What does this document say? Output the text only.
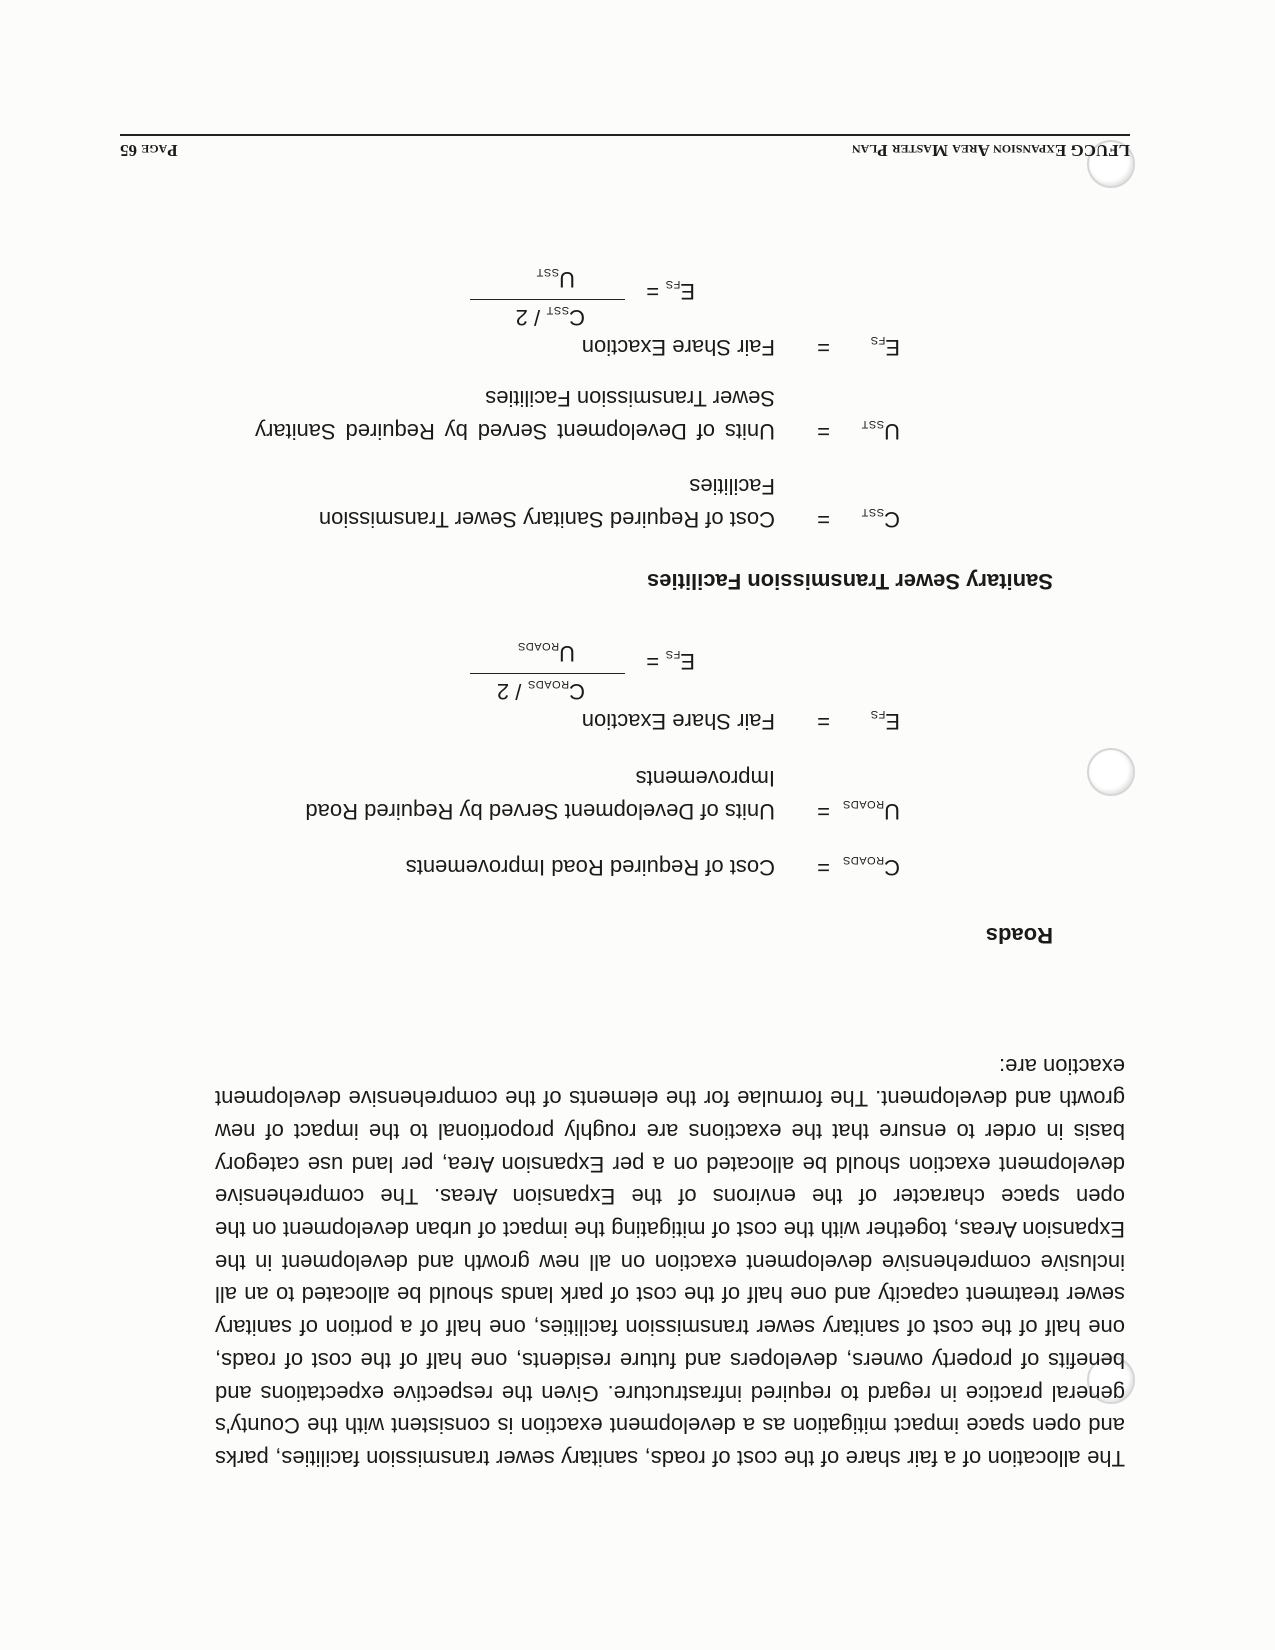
LFUCG Expansion Area Master Plan
Page 65

The allocation of a fair share of the cost of roads, sanitary sewer transmission facilities, parks and open space impact mitigation as a development exaction is consistent with the County's general practice in regard to required infrastructure. Given the respective expectations and benefits of property owners, developers and future residents, one half of the cost of roads, one half of the cost of sanitary sewer transmission facilities, one half of a portion of sanitary sewer treatment capacity and one half of the cost of park lands should be allocated to an all inclusive comprehensive development exaction on all new growth and development in the Expansion Areas, together with the cost of mitigating the impact of urban development on the open space character of the environs of the Expansion Areas. The comprehensive development exaction should be allocated on a per Expansion Area, per land use category basis in order to ensure that the exactions are roughly proportional to the impact of new growth and development. The formulae for the elements of the comprehensive development exaction are:

Roads
$C_{ROADS}$
=
Cost of Required Road Improvements
$U_{ROADS}$
=
Units of Development Served by Required Road Improvements
$E_{FS}$
=
Fair Share Exaction
$E_{FS}$ =
$C_{ROADS} / 2$
$U_{ROADS}$
Sanitary Sewer Transmission Facilities
$C_{SST}$
=
Cost of Required Sanitary Sewer Transmission Facilities
$U_{SST}$
=
Units of Development Served by Required Sanitary Sewer Transmission Facilities
$E_{FS}$
=
Fair Share Exaction
$E_{FS}$ =
$C_{SST} / 2$
$U_{SST}$
